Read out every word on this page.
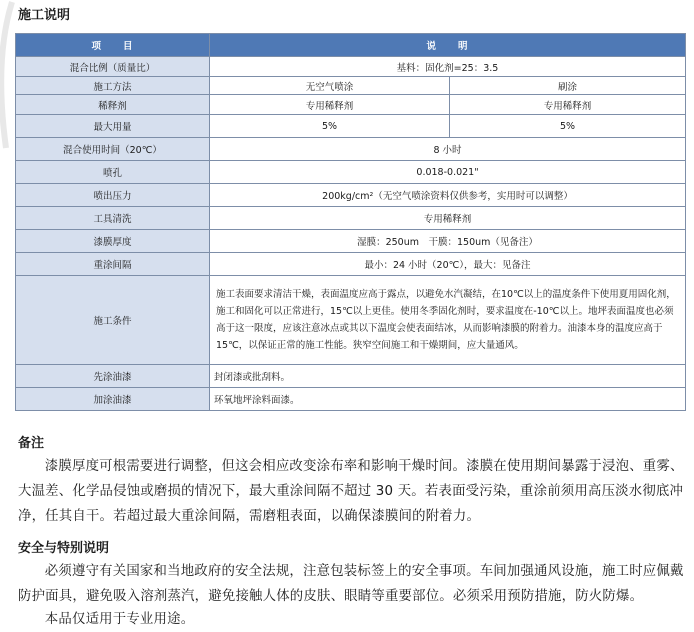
施工说明
项　　目	说　　明	
混合比例（质量比）	基料：固化剂=25：3.5	
施工方法	无空气喷涂	刷涂
稀释剂	专用稀释剂	专用稀释剂
最大用量	5%	5%
混合使用时间（20℃）	8 小时	
喷孔	0.018-0.021"	
喷出压力	200kg/cm²（无空气喷涂资料仅供参考，实用时可以调整）	
工具清洗	专用稀释剂	
漆膜厚度	湿膜：250um　干膜：150um（见备注）	
重涂间隔	最小：24 小时（20℃），最大：见备注	
施工条件	施工表面要求清洁干燥，表面温度应高于露点，以避免水汽凝结，在10℃以上的温度条件下使用夏用固化剂，施工和固化可以正常进行，15℃以上更佳。使用冬季固化剂时，要求温度在-10℃以上。地坪表面温度也必须高于这一限度，应该注意冰点或其以下温度会使表面结冰，从而影响漆膜的附着力。油漆本身的温度应高于15℃，以保证正常的施工性能。狭窄空间施工和干燥期间，应大量通风。	
先涂油漆	封闭漆或批刮料。	
加涂油漆	环氧地坪涂料面漆。	
备注

漆膜厚度可根需要进行调整，但这会相应改变涂布率和影响干燥时间。漆膜在使用期间暴露于浸泡、重雾、大温差、化学品侵蚀或磨损的情况下，最大重涂间隔不超过 30 天。若表面受污染，重涂前须用高压淡水彻底冲净，任其自干。若超过最大重涂间隔，需磨粗表面，以确保漆膜间的附着力。

安全与特别说明

必须遵守有关国家和当地政府的安全法规，注意包装标签上的安全事项。车间加强通风设施，施工时应佩戴防护面具，避免吸入溶剂蒸汽，避免接触人体的皮肤、眼睛等重要部位。必须采用预防措施，防火防爆。

本品仅适用于专业用途。
